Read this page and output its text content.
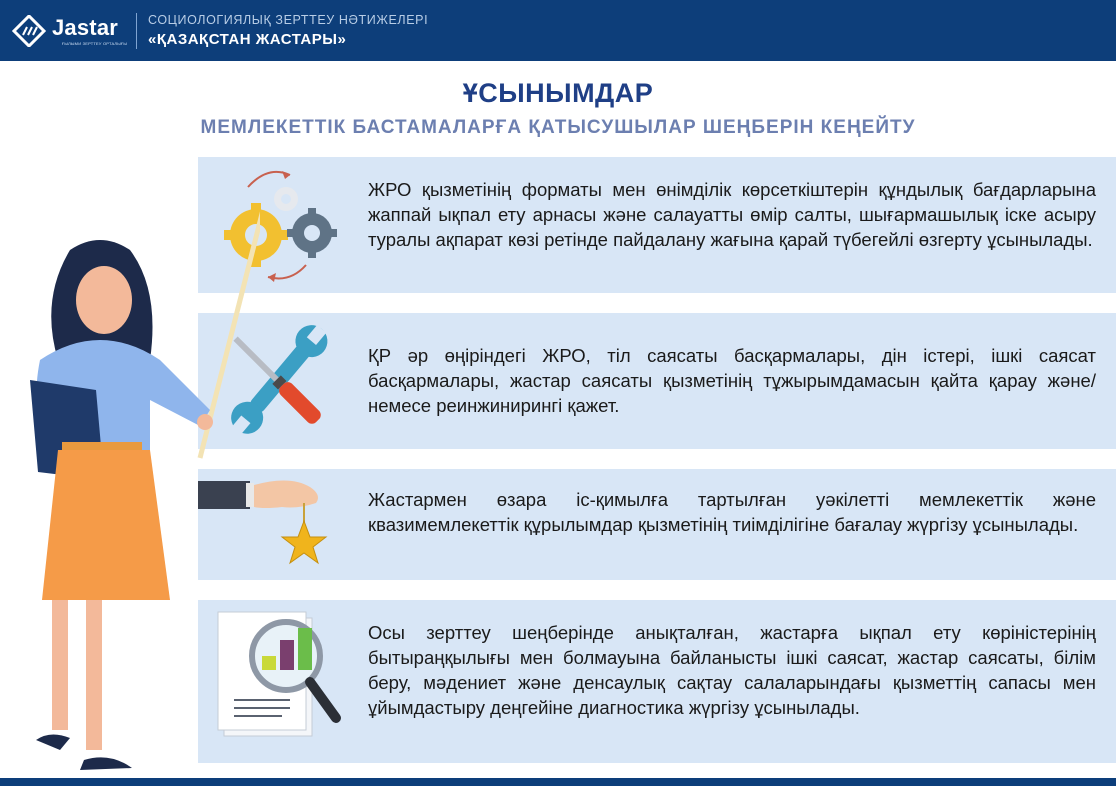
Jastar
ҒЫЛЫМИ ЗЕРТТЕУ ОРТАЛЫҒЫ
СОЦИОЛОГИЯЛЫҚ ЗЕРТТЕУ НӘТИЖЕЛЕРІ
«ҚАЗАҚСТАН ЖАСТАРЫ»
ҰСЫНЫМДАР
МЕМЛЕКЕТТІК БАСТАМАЛАРҒА ҚАТЫСУШЫЛАР ШЕҢБЕРІН КЕҢЕЙТУ

ЖРО қызметінің форматы мен өнімділік көрсеткіштерін құндылық бағдарларына жаппай ықпал ету арнасы және салауатты өмір салты, шығармашылық іске асыру туралы ақпарат көзі ретінде пайдалану жағына қарай түбегейлі өзгерту ұсынылады.

ҚР әр өңіріндегі ЖРО, тіл саясаты басқармалары, дін істері, ішкі саясат басқармалары, жастар саясаты қызметінің тұжырымдамасын қайта қарау және/немесе реинжинирингі қажет.

Жастармен өзара іс-қимылға тартылған уәкілетті мемлекеттік және квазимемлекеттік құрылымдар қызметінің тиімділігіне бағалау жүргізу ұсынылады.

Осы зерттеу шеңберінде анықталған, жастарға ықпал ету көріністерінің бытыраңқылығы мен болмауына байланысты ішкі саясат, жастар саясаты, білім беру, мәдениет және денсаулық сақтау салаларындағы қызметтің сапасы мен ұйымдастыру деңгейіне диагностика жүргізу ұсынылады.
